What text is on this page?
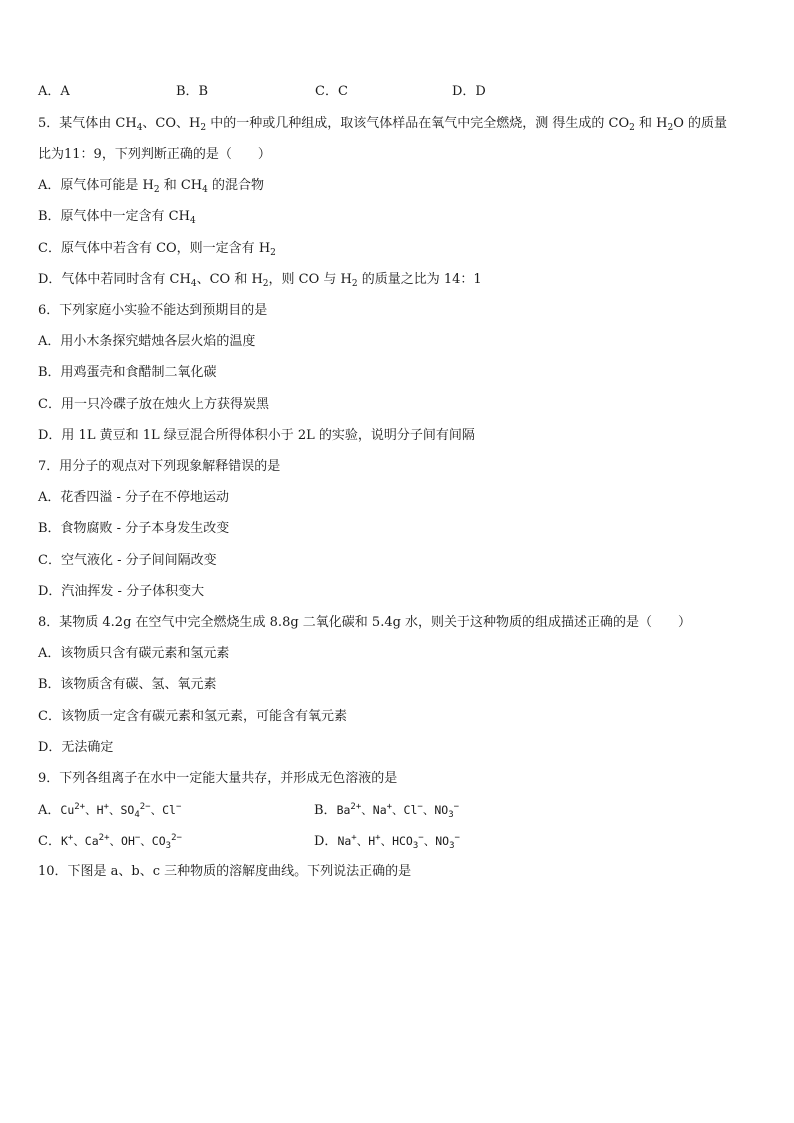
A．A	B．B	C．C	D．D
5．某气体由 $CH_4$、CO、$H_2$ 中的一种或几种组成，取该气体样品在氧气中完全燃烧，测 得生成的 $CO_2$ 和 $H_2O$ 的质量
比为11：9，下列判断正确的是（　　）
A．原气体可能是 $H_2$ 和 $CH_4$ 的混合物
B．原气体中一定含有 $CH_4$
C．原气体中若含有 CO，则一定含有 $H_2$
D．气体中若同时含有 $CH_4$、CO 和 $H_2$，则 CO 与 $H_2$ 的质量之比为 14：1
6．下列家庭小实验不能达到预期目的是
A．用小木条探究蜡烛各层火焰的温度
B．用鸡蛋壳和食醋制二氧化碳
C．用一只冷碟子放在烛火上方获得炭黑
D．用 1L 黄豆和 1L 绿豆混合所得体积小于 2L 的实验，说明分子间有间隔
7．用分子的观点对下列现象解释错误的是
A．花香四溢 - 分子在不停地运动
B．食物腐败 - 分子本身发生改变
C．空气液化 - 分子间间隔改变
D．汽油挥发 - 分子体积变大
8．某物质 4.2g 在空气中完全燃烧生成 8.8g 二氧化碳和 5.4g 水，则关于这种物质的组成描述正确的是（　　）
A．该物质只含有碳元素和氢元素
B．该物质含有碳、氢、氧元素
C．该物质一定含有碳元素和氢元素，可能含有氧元素
D．无法确定
9．下列各组离子在水中一定能大量共存，并形成无色溶液的是
A．$Cu^{2+}$、H+、$SO_4^{2-}$、Cl−	B．$Ba^{2+}$、Na+、Cl−、$NO_3^-$
C．K+、$Ca^{2+}$、OH−、$CO_3^{2-}$	D．Na+、H+、$HCO_3^-$、$NO_3^-$
10．下图是 a、b、c 三种物质的溶解度曲线。下列说法正确的是
